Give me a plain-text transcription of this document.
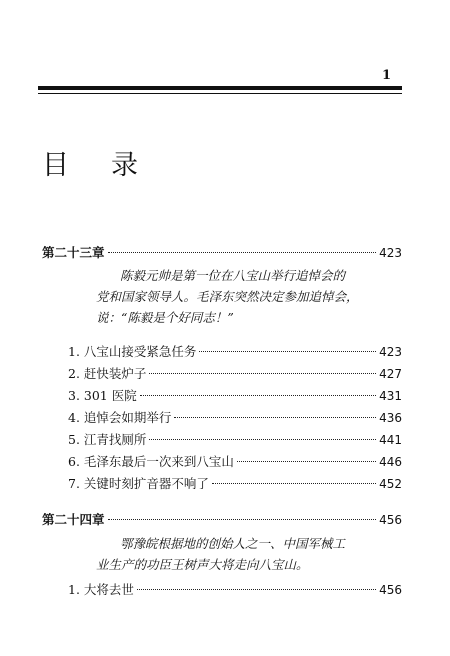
1
目 录
第二十三章	423
陈毅元帅是第一位在八宝山举行追悼会的
党和国家领导人。毛泽东突然决定参加追悼会，
说：“陈毅是个好同志！”
1. 八宝山接受紧急任务	423
2. 赶快装炉子	427
3. 301 医院	431
4. 追悼会如期举行	436
5. 江青找厕所	441
6. 毛泽东最后一次来到八宝山	446
7. 关键时刻扩音器不响了	452
第二十四章	456
鄂豫皖根据地的创始人之一、中国军械工
业生产的功臣王树声大将走向八宝山。
1. 大将去世	456
